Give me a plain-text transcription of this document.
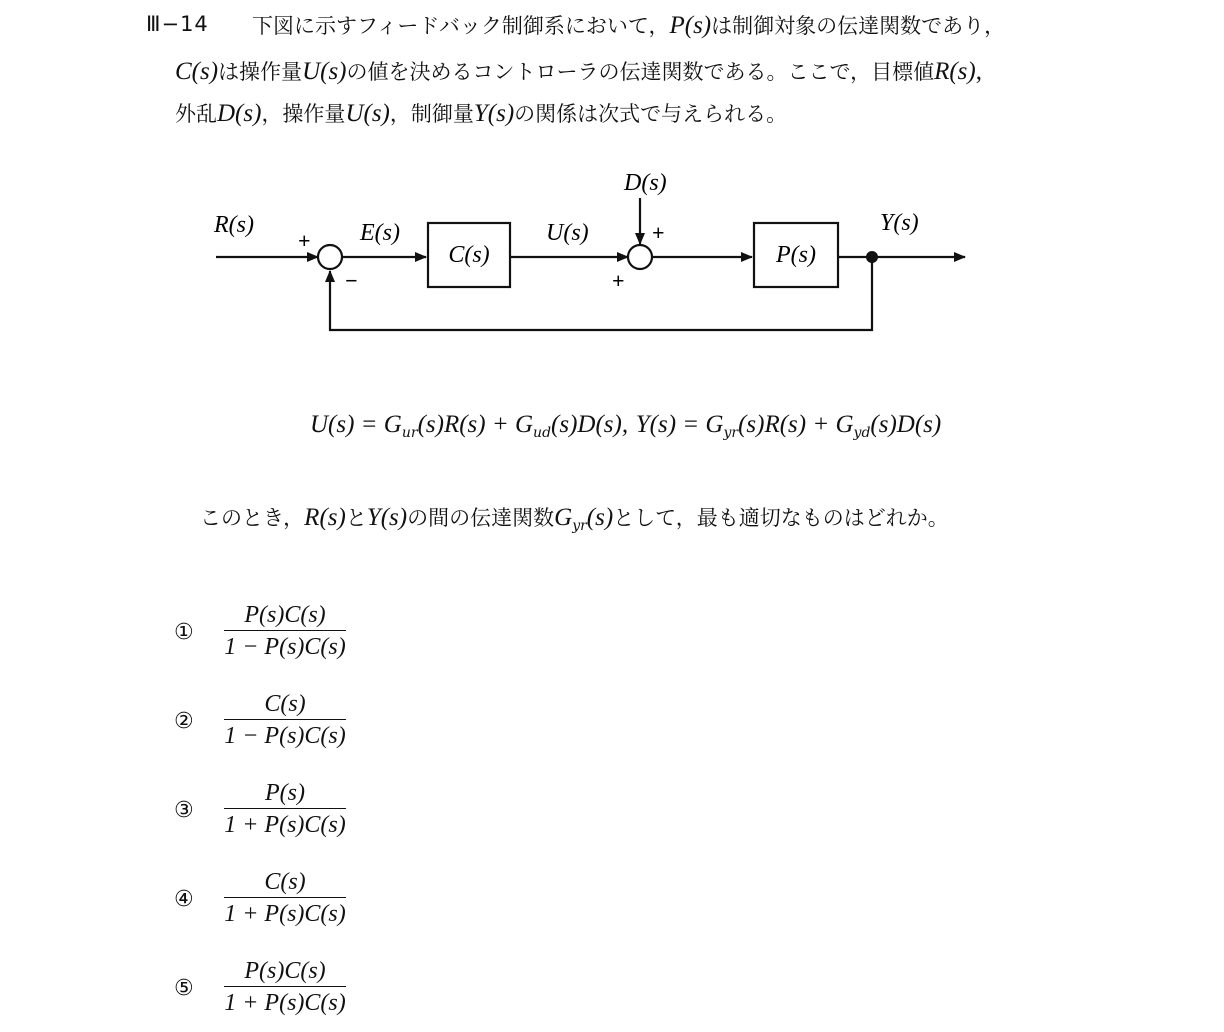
Ⅲ−14 下図に示すフィードバック制御系において，P(s)は制御対象の伝達関数であり，
C(s)は操作量U(s)の値を決めるコントローラの伝達関数である。ここで，目標値R(s),
外乱D(s)，操作量U(s)，制御量Y(s)の関係は次式で与えられる。
R(s)
+
−
E(s)
C(s)
U(s)
D(s)
+
+
P(s)
Y(s)
$U(s) = G_{ur}(s)R(s) + G_{ud}(s)D(s)$, $Y(s) = G_{yr}(s)R(s) + G_{yd}(s)D(s)$
このとき，R(s)とY(s)の間の伝達関数$G_{yr}(s)$として，最も適切なものはどれか。
①
P(s)C(s)
1 − P(s)C(s)
②
C(s)
1 − P(s)C(s)
③
P(s)
1 + P(s)C(s)
④
C(s)
1 + P(s)C(s)
⑤
P(s)C(s)
1 + P(s)C(s)
